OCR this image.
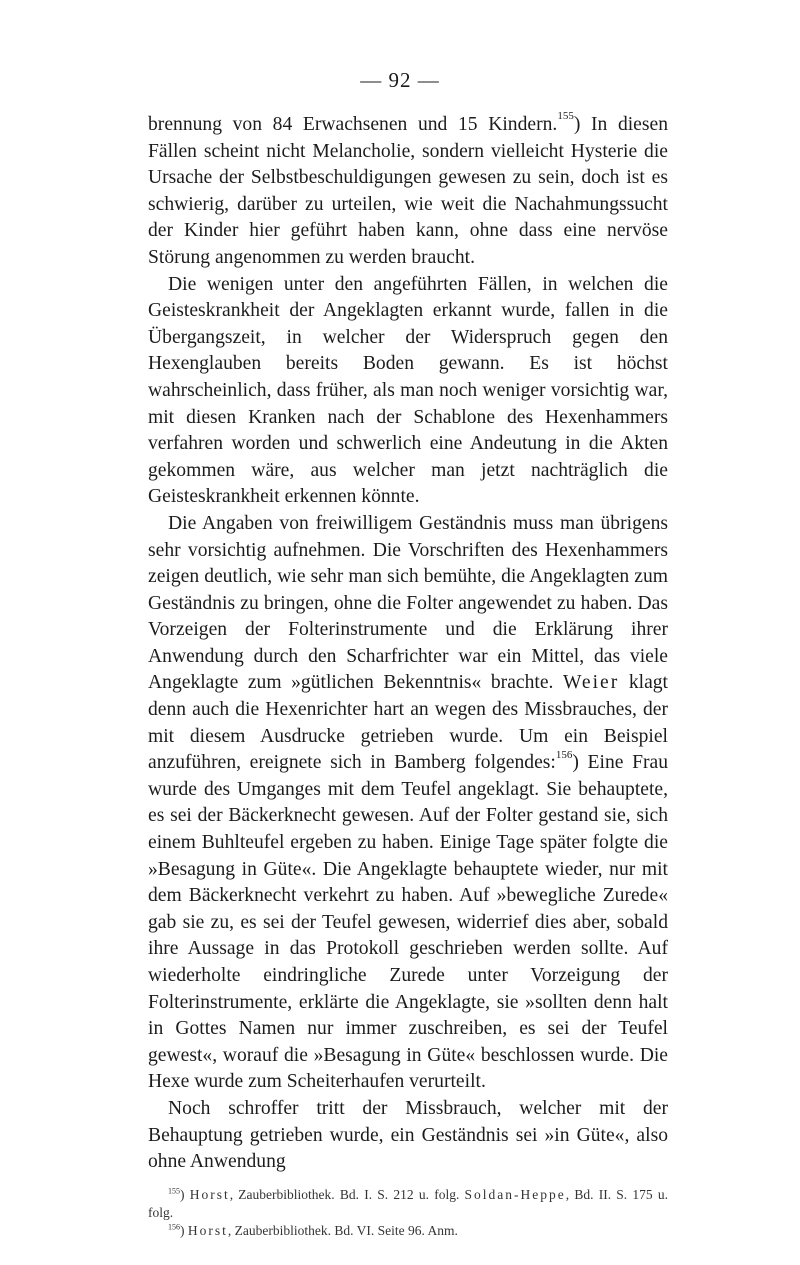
— 92 —

brennung von 84 Erwachsenen und 15 Kindern.$^{155}$) In diesen Fällen scheint nicht Melancholie, sondern vielleicht Hysterie die Ursache der Selbstbeschuldigungen gewesen zu sein, doch ist es schwierig, darüber zu urteilen, wie weit die Nachahmungssucht der Kinder hier geführt haben kann, ohne dass eine nervöse Störung angenommen zu werden braucht.

Die wenigen unter den angeführten Fällen, in welchen die Geisteskrankheit der Angeklagten erkannt wurde, fallen in die Übergangszeit, in welcher der Widerspruch gegen den Hexenglauben bereits Boden gewann. Es ist höchst wahrscheinlich, dass früher, als man noch weniger vorsichtig war, mit diesen Kranken nach der Schablone des Hexenhammers verfahren worden und schwerlich eine Andeutung in die Akten gekommen wäre, aus welcher man jetzt nachträglich die Geisteskrankheit erkennen könnte.

Die Angaben von freiwilligem Geständnis muss man übrigens sehr vorsichtig aufnehmen. Die Vorschriften des Hexenhammers zeigen deutlich, wie sehr man sich bemühte, die Angeklagten zum Geständnis zu bringen, ohne die Folter angewendet zu haben. Das Vorzeigen der Folterinstrumente und die Erklärung ihrer Anwendung durch den Scharfrichter war ein Mittel, das viele Angeklagte zum »gütlichen Bekenntnis« brachte. Weier klagt denn auch die Hexenrichter hart an wegen des Missbrauches, der mit diesem Ausdrucke getrieben wurde. Um ein Beispiel anzuführen, ereignete sich in Bamberg folgendes:$^{156}$) Eine Frau wurde des Umganges mit dem Teufel angeklagt. Sie behauptete, es sei der Bäckerknecht gewesen. Auf der Folter gestand sie, sich einem Buhlteufel ergeben zu haben. Einige Tage später folgte die »Besagung in Güte«. Die Angeklagte behauptete wieder, nur mit dem Bäckerknecht verkehrt zu haben. Auf »bewegliche Zurede« gab sie zu, es sei der Teufel gewesen, widerrief dies aber, sobald ihre Aussage in das Protokoll geschrieben werden sollte. Auf wiederholte eindringliche Zurede unter Vorzeigung der Folterinstrumente, erklärte die Angeklagte, sie »sollten denn halt in Gottes Namen nur immer zuschreiben, es sei der Teufel gewest«, worauf die »Besagung in Güte« beschlossen wurde. Die Hexe wurde zum Scheiterhaufen verurteilt.

Noch schroffer tritt der Missbrauch, welcher mit der Behauptung getrieben wurde, ein Geständnis sei »in Güte«, also ohne Anwendung

$^{155}$) Horst, Zauberbibliothek. Bd. I. S. 212 u. folg. Soldan-Heppe, Bd. II. S. 175 u. folg.

$^{156}$) Horst, Zauberbibliothek. Bd. VI. Seite 96. Anm.
